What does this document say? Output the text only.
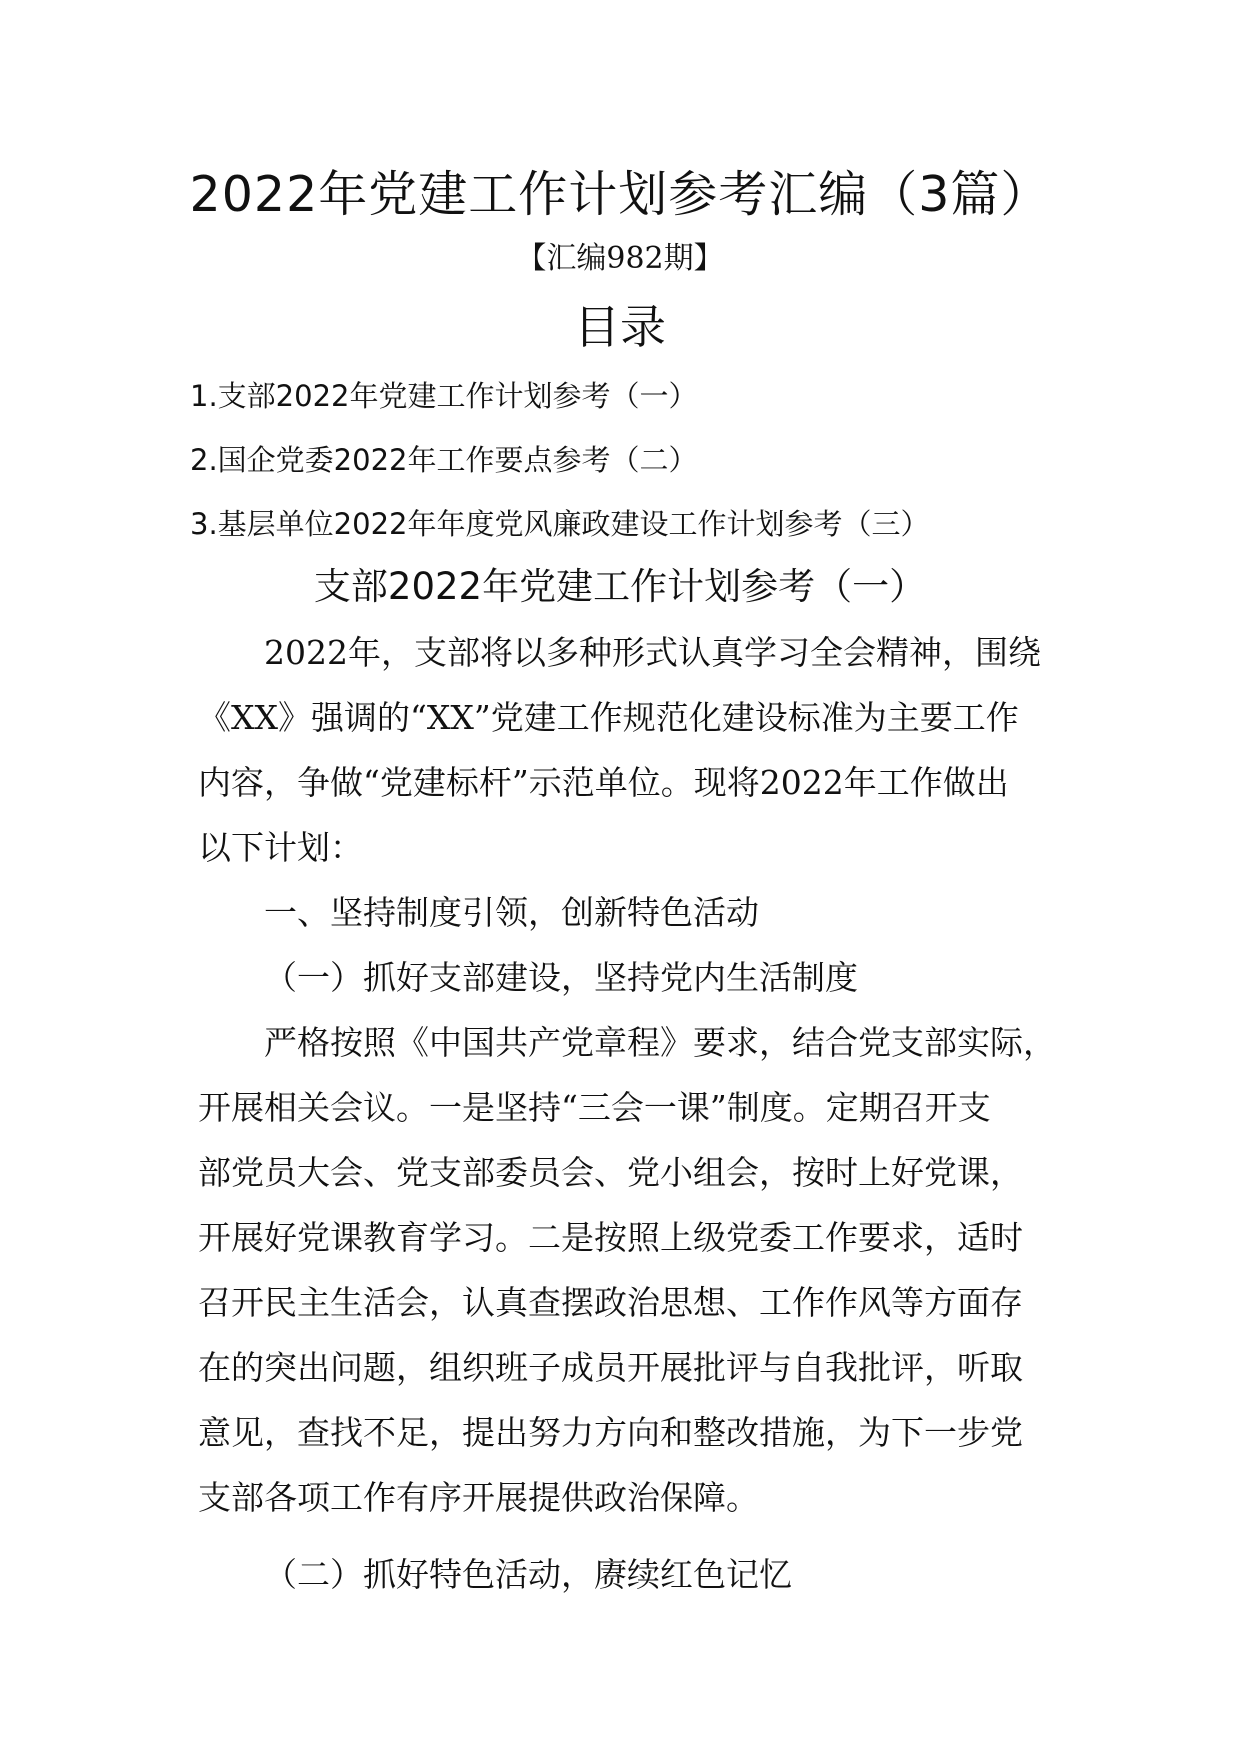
2022年党建工作计划参考汇编（3篇）
【汇编982期】
目录
1.支部2022年党建工作计划参考（一）
2.国企党委2022年工作要点参考（二）
3.基层单位2022年年度党风廉政建设工作计划参考（三）
支部2022年党建工作计划参考（一）
2022年，支部将以多种形式认真学习全会精神，围绕
《XX》强调的“XX”党建工作规范化建设标准为主要工作
内容，争做“党建标杆”示范单位。现将2022年工作做出
以下计划：
一、坚持制度引领，创新特色活动
（一）抓好支部建设，坚持党内生活制度
严格按照《中国共产党章程》要求，结合党支部实际，
开展相关会议。一是坚持“三会一课”制度。定期召开支
部党员大会、党支部委员会、党小组会，按时上好党课，
开展好党课教育学习。二是按照上级党委工作要求，适时
召开民主生活会，认真查摆政治思想、工作作风等方面存
在的突出问题，组织班子成员开展批评与自我批评，听取
意见，查找不足，提出努力方向和整改措施，为下一步党
支部各项工作有序开展提供政治保障。
（二）抓好特色活动，赓续红色记忆
